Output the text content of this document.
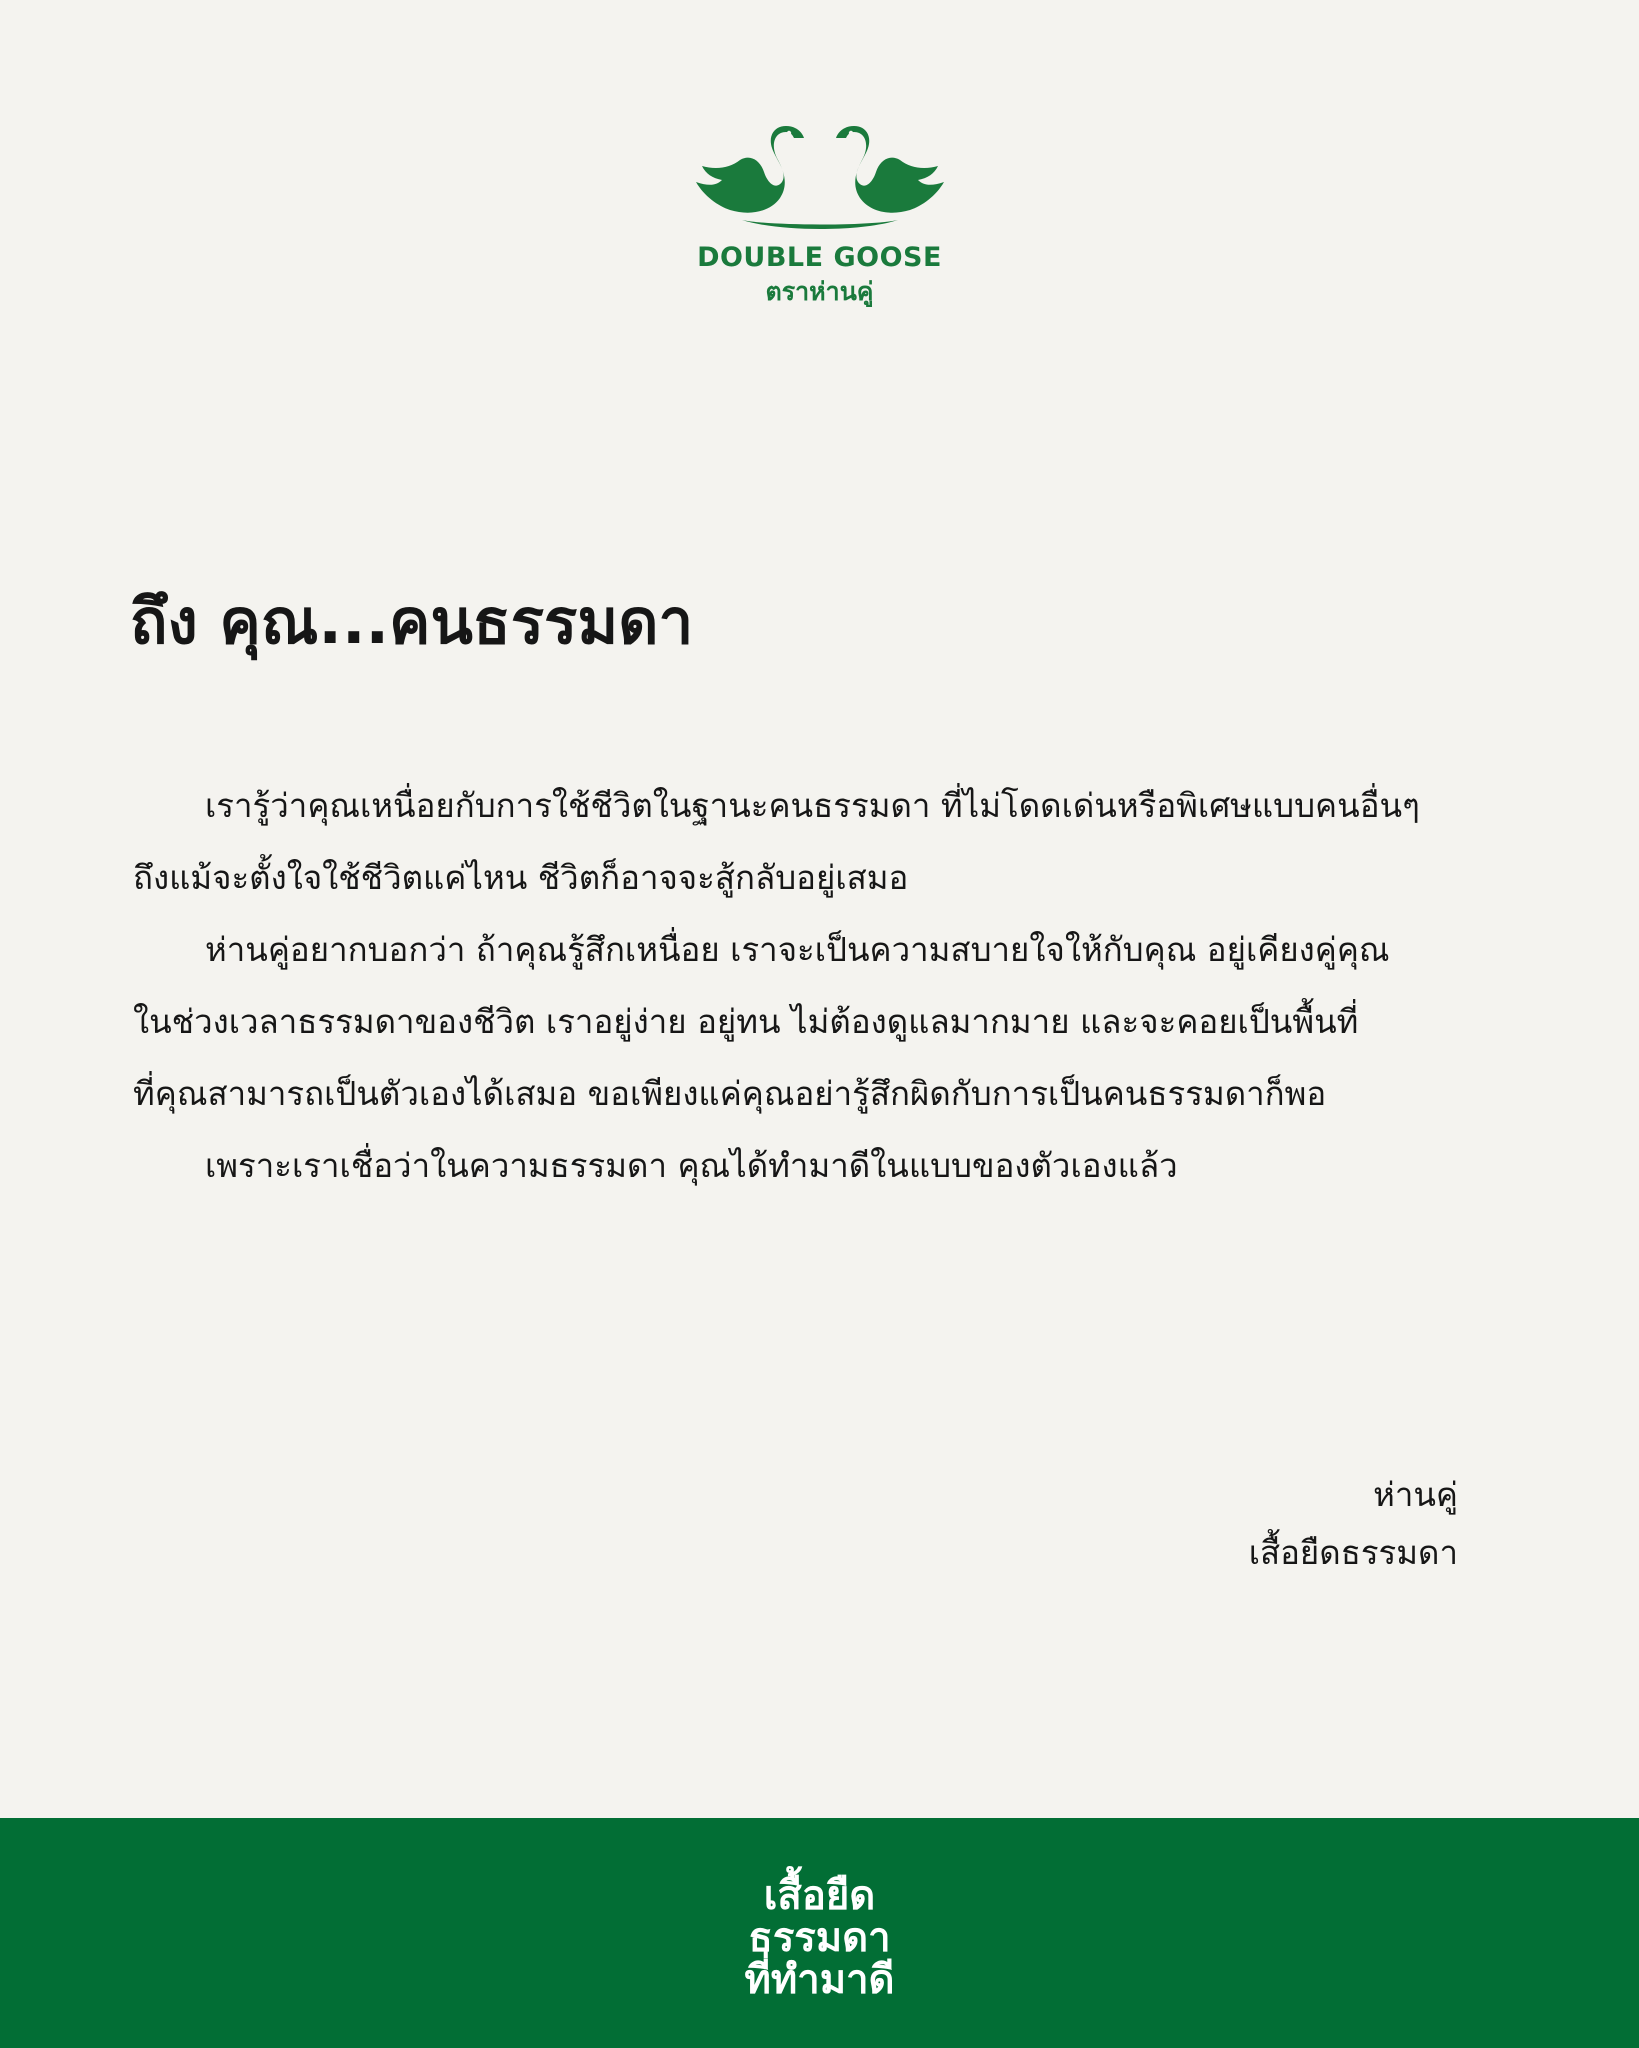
DOUBLE GOOSE
ตราห่านคู่
ถึง คุณ...คนธรรมดา
เรารู้ว่าคุณเหนื่อยกับการใช้ชีวิตในฐานะคนธรรมดา ที่ไม่โดดเด่นหรือพิเศษแบบคนอื่นๆ
ถึงแม้จะตั้งใจใช้ชีวิตแค่ไหน ชีวิตก็อาจจะสู้กลับอยู่เสมอ
ห่านคู่อยากบอกว่า ถ้าคุณรู้สึกเหนื่อย เราจะเป็นความสบายใจให้กับคุณ อยู่เคียงคู่คุณ
ในช่วงเวลาธรรมดาของชีวิต เราอยู่ง่าย อยู่ทน ไม่ต้องดูแลมากมาย และจะคอยเป็นพื้นที่
ที่คุณสามารถเป็นตัวเองได้เสมอ ขอเพียงแค่คุณอย่ารู้สึกผิดกับการเป็นคนธรรมดาก็พอ
เพราะเราเชื่อว่าในความธรรมดา คุณได้ทำมาดีในแบบของตัวเองแล้ว
ห่านคู่
เสื้อยืดธรรมดา
เสื้อยืด
ธรรมดา
ที่ทำมาดี
